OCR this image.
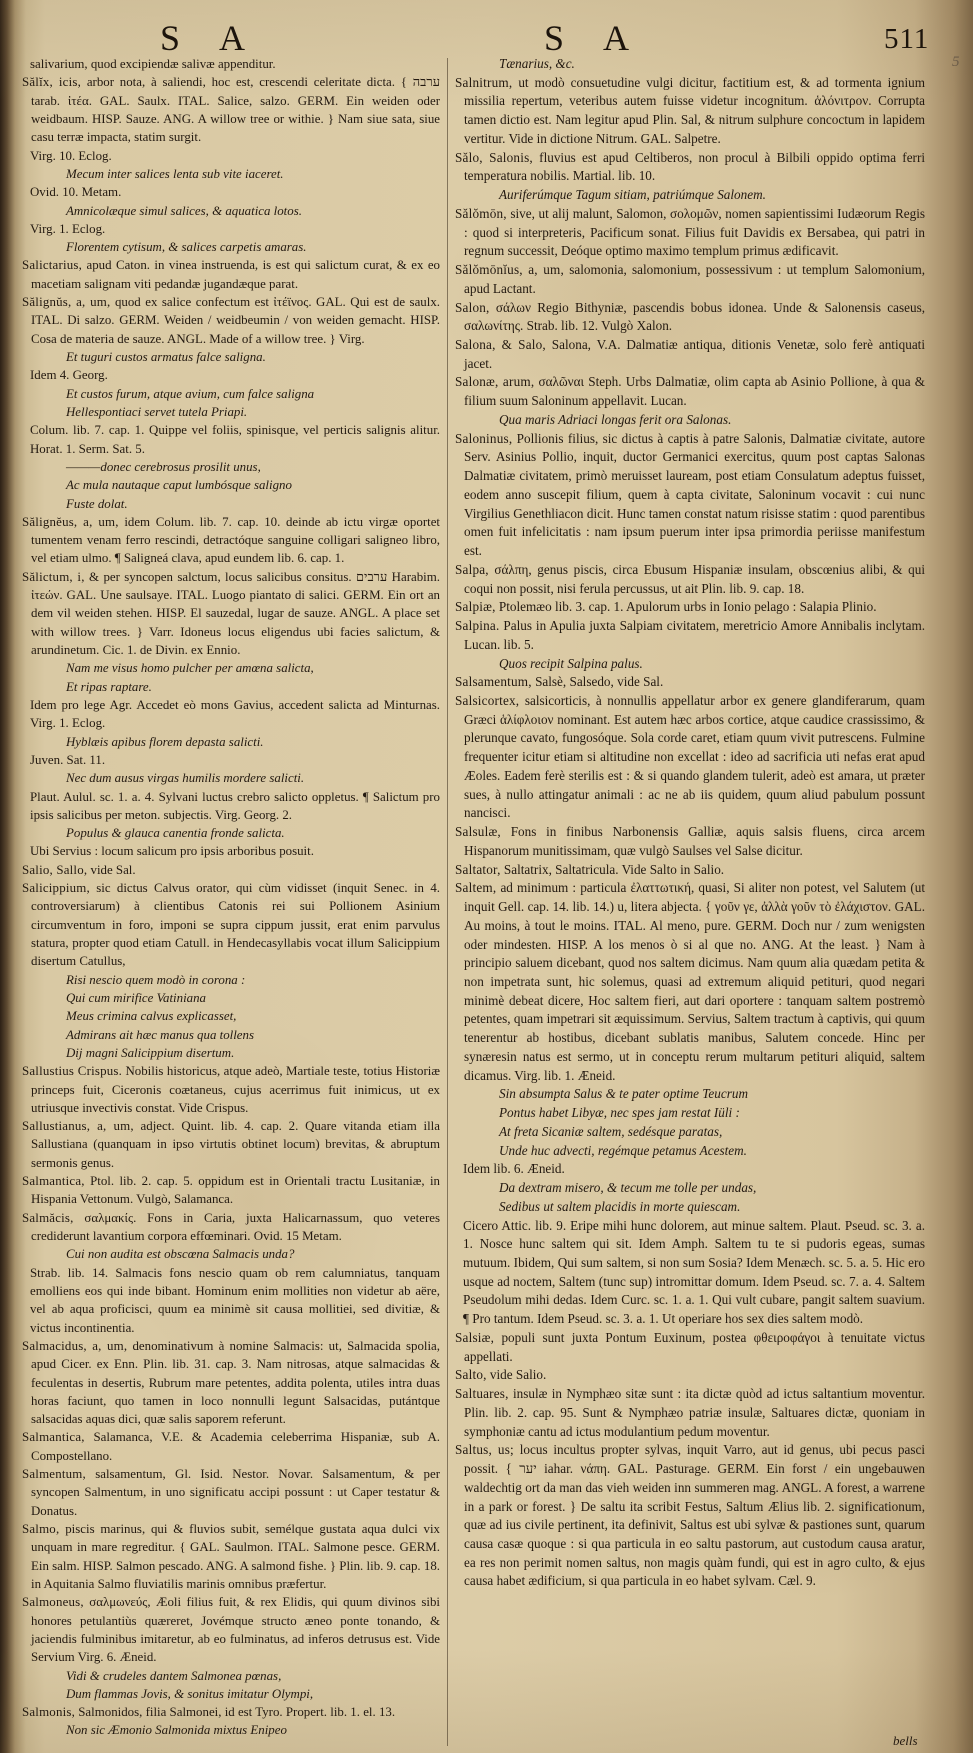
S A	S A	511
5
salivarium, quod excipiendæ salivæ appenditur.
Sălĭx, icis, arbor nota, à saliendi, hoc est, crescendi celeritate dicta. { ערבה tarab. ἰτέα. GAL. Saulx. ITAL. Salice, salzo. GERM. Ein weiden oder weidbaum. HISP. Sauze. ANG. A willow tree or withie. } Nam siue sata, siue casu terræ impacta, statim surgit.
Virg. 10. Eclog.
Mecum inter salices lenta sub vite iaceret.
Ovid. 10. Metam.
Amnicolæque simul salices, & aquatica lotos.
Virg. 1. Eclog.
Florentem cytisum, & salices carpetis amaras.
Salictarius, apud Caton. in vinea instruenda, is est qui salictum curat, & ex eo macetiam salignam viti pedandæ jugandæque parat.
Sălignŭs, a, um, quod ex salice confectum est ἰτέϊνος. GAL. Qui est de saulx. ITAL. Di salzo. GERM. Weiden / weidbeumin / von weiden gemacht. HISP. Cosa de materia de sauze. ANGL. Made of a willow tree. } Virg.
Et tuguri custos armatus falce saligna.
Idem 4. Georg.
Et custos furum, atque avium, cum falce saligna
Hellespontiaci servet tutela Priapi.
Colum. lib. 7. cap. 1. Quippe vel foliis, spinisque, vel perticis salignis alitur. Horat. 1. Serm. Sat. 5.
———donec cerebrosus prosilit unus,
Ac mula nautaque caput lumbósque saligno
Fuste dolat.
Sălignĕus, a, um, idem Colum. lib. 7. cap. 10. deinde ab ictu virgæ oportet tumentem venam ferro rescindi, detractóque sanguine colligari saligneo libro, vel etiam ulmo. ¶ Saligneá clava, apud eundem lib. 6. cap. 1.
Sălictum, i, & per syncopen salctum, locus salicibus consitus. ערבים Harabim. ἰτεών. GAL. Une saulsaye. ITAL. Luogo piantato di salici. GERM. Ein ort an dem vil weiden stehen. HISP. El sauzedal, lugar de sauze. ANGL. A place set with willow trees. } Varr. Idoneus locus eligendus ubi facies salictum, & arundinetum. Cic. 1. de Divin. ex Ennio.
Nam me visus homo pulcher per amœna salicta,
Et ripas raptare.
Idem pro lege Agr. Accedet eò mons Gavius, accedent salicta ad Minturnas. Virg. 1. Eclog.
Hyblæis apibus florem depasta salicti.
Juven. Sat. 11.
Nec dum ausus virgas humilis mordere salicti.
Plaut. Aulul. sc. 1. a. 4. Sylvani luctus crebro salicto oppletus. ¶ Salictum pro ipsis salicibus per meton. subjectis. Virg. Georg. 2.
Populus & glauca canentia fronde salicta.
Ubi Servius : locum salicum pro ipsis arboribus posuit.
Salio, Sallo, vide Sal.
Salicippium, sic dictus Calvus orator, qui cùm vidisset (inquit Senec. in 4. controversiarum) à clientibus Catonis rei sui Pollionem Asinium circumventum in foro, imponi se supra cippum jussit, erat enim parvulus statura, propter quod etiam Catull. in Hendecasyllabis vocat illum Salicippium disertum Catullus,
Risi nescio quem modò in corona :
Qui cum mirifice Vatiniana
Meus crimina calvus explicasset,
Admirans ait hæc manus qua tollens
Dij magni Salicippium disertum.
Sallustius Crispus. Nobilis historicus, atque adeò, Martiale teste, totius Historiæ princeps fuit, Ciceronis coætaneus, cujus acerrimus fuit inimicus, ut ex utriusque invectivis constat. Vide Crispus.
Sallustianus, a, um, adject. Quint. lib. 4. cap. 2. Quare vitanda etiam illa Sallustiana (quanquam in ipso virtutis obtinet locum) brevitas, & abruptum sermonis genus.
Salmantica, Ptol. lib. 2. cap. 5. oppidum est in Orientali tractu Lusitaniæ, in Hispania Vettonum. Vulgò, Salamanca.
Salmăcis, σαλμακίς. Fons in Caria, juxta Halicarnassum, quo veteres crediderunt lavantium corpora effœminari. Ovid. 15 Metam.
Cui non audita est obscœna Salmacis unda?
Strab. lib. 14. Salmacis fons nescio quam ob rem calumniatus, tanquam emolliens eos qui inde bibant. Hominum enim mollities non videtur ab aëre, vel ab aqua proficisci, quum ea minimè sit causa mollitiei, sed divitiæ, & victus incontinentia.
Salmacidus, a, um, denominativum à nomine Salmacis: ut, Salmacida spolia, apud Cicer. ex Enn. Plin. lib. 31. cap. 3. Nam nitrosas, atque salmacidas & feculentas in desertis, Rubrum mare petentes, addita polenta, utiles intra duas horas faciunt, quo tamen in loco nonnulli legunt Salsacidas, putántque salsacidas aquas dici, quæ salis saporem referunt.
Salmantica, Salamanca, V.E. & Academia celeberrima Hispaniæ, sub A. Compostellano.
Salmentum, salsamentum, Gl. Isid. Nestor. Novar. Salsamentum, & per syncopen Salmentum, in uno significatu accipi possunt : ut Caper testatur & Donatus.
Salmo, piscis marinus, qui & fluvios subit, semélque gustata aqua dulci vix unquam in mare regreditur. { GAL. Saulmon. ITAL. Salmone pesce. GERM. Ein salm. HISP. Salmon pescado. ANG. A salmond fishe. } Plin. lib. 9. cap. 18. in Aquitania Salmo fluviatilis marinis omnibus præfertur.
Salmoneus, σαλμωνεύς, Æoli filius fuit, & rex Elidis, qui quum divinos sibi honores petulantiùs quæreret, Jovémque structo æneo ponte tonando, & jaciendis fulminibus imitaretur, ab eo fulminatus, ad inferos detrusus est. Vide Servium Virg. 6. Æneid.
Vidi & crudeles dantem Salmonea pœnas,
Dum flammas Jovis, & sonitus imitatur Olympi,
Salmonis, Salmonidos, filia Salmonei, id est Tyro. Propert. lib. 1. el. 13.
Non sic Æmonio Salmonida mixtus Enipeo
Tænarius, &c.
Salnitrum, ut modò consuetudine vulgi dicitur, factitium est, & ad tormenta ignium missilia repertum, veteribus autem fuisse videtur incognitum. ἁλόνιτρον. Corrupta tamen dictio est. Nam legitur apud Plin. Sal, & nitrum sulphure concoctum in lapidem vertitur. Vide in dictione Nitrum. GAL. Salpetre.
Sălo, Salonis, fluvius est apud Celtiberos, non procul à Bilbili oppido optima ferri temperatura nobilis. Martial. lib. 10.
Auriferúmque Tagum sitiam, patriúmque Salonem.
Sălŏmōn, sive, ut alij malunt, Salomon, σολομῶν, nomen sapientissimi Iudæorum Regis : quod si interpreteris, Pacificum sonat. Filius fuit Davidis ex Bersabea, qui patri in regnum successit, Deóque optimo maximo templum primus ædificavit.
Sălŏmōnĭus, a, um, salomonia, salomonium, possessivum : ut templum Salomonium, apud Lactant.
Salon, σάλων Regio Bithyniæ, pascendis bobus idonea. Unde & Salonensis caseus, σαλωνίτης. Strab. lib. 12. Vulgò Xalon.
Salona, & Salo, Salona, V.A. Dalmatiæ antiqua, ditionis Venetæ, solo ferè antiquati jacet.
Salonæ, arum, σαλῶναι Steph. Urbs Dalmatiæ, olim capta ab Asinio Pollione, à qua & filium suum Saloninum appellavit. Lucan.
Qua maris Adriaci longas ferit ora Salonas.
Saloninus, Pollionis filius, sic dictus à captis à patre Salonis, Dalmatiæ civitate, autore Serv. Asinius Pollio, inquit, ductor Germanici exercitus, quum post captas Salonas Dalmatiæ civitatem, primò meruisset lauream, post etiam Consulatum adeptus fuisset, eodem anno suscepit filium, quem à capta civitate, Saloninum vocavit : cui nunc Virgilius Genethliacon dicit. Hunc tamen constat natum risisse statim : quod parentibus omen fuit infelicitatis : nam ipsum puerum inter ipsa primordia periisse manifestum est.
Salpa, σάλπη, genus piscis, circa Ebusum Hispaniæ insulam, obscœnius alibi, & qui coqui non possit, nisi ferula percussus, ut ait Plin. lib. 9. cap. 18.
Salpiæ, Ptolemæo lib. 3. cap. 1. Apulorum urbs in Ionio pelago : Salapia Plinio.
Salpina. Palus in Apulia juxta Salpiam civitatem, meretricio Amore Annibalis inclytam. Lucan. lib. 5.
Quos recipit Salpina palus.
Salsamentum, Salsè, Salsedo, vide Sal.
Salsicortex, salsicorticis, à nonnullis appellatur arbor ex genere glandiferarum, quam Græci ἁλίφλοιον nominant. Est autem hæc arbos cortice, atque caudice crassissimo, & plerunque cavato, fungosóque. Sola corde caret, etiam quum vivit putrescens. Fulmine frequenter icitur etiam si altitudine non excellat : ideo ad sacrificia uti nefas erat apud Æoles. Eadem ferè sterilis est : & si quando glandem tulerit, adeò est amara, ut præter sues, à nullo attingatur animali : ac ne ab iis quidem, quum aliud pabulum possunt nancisci.
Salsulæ, Fons in finibus Narbonensis Galliæ, aquis salsis fluens, circa arcem Hispanorum munitissimam, quæ vulgò Saulses vel Salse dicitur.
Saltator, Saltatrix, Saltatricula. Vide Salto in Salio.
Saltem, ad minimum : particula ἐλαττωτική, quasi, Si aliter non potest, vel Salutem (ut inquit Gell. cap. 14. lib. 14.) u, litera abjecta. { γοῦν γε, ἀλλὰ γοῦν τὸ ἐλάχιστον. GAL. Au moins, à tout le moins. ITAL. Al meno, pure. GERM. Doch nur / zum wenigsten oder mindesten. HISP. A los menos ò si al que no. ANG. At the least. } Nam à principio saluem dicebant, quod nos saltem dicimus. Nam quum alia quædam petita & non impetrata sunt, hic solemus, quasi ad extremum aliquid petituri, quod negari minimè debeat dicere, Hoc saltem fieri, aut dari oportere : tanquam saltem postremò petentes, quam impetrari sit æquissimum. Servius, Saltem tractum à captivis, qui quum tenerentur ab hostibus, dicebant sublatis manibus, Salutem concede. Hinc per synæresin natus est sermo, ut in conceptu rerum multarum petituri aliquid, saltem dicamus. Virg. lib. 1. Æneid.
Sin absumpta Salus & te pater optime Teucrum
Pontus habet Libyæ, nec spes jam restat Iüli :
At freta Sicaniæ saltem, sedésque paratas,
Unde huc advecti, regémque petamus Acestem.
Idem lib. 6. Æneid.
Da dextram misero, & tecum me tolle per undas,
Sedibus ut saltem placidis in morte quiescam.
Cicero Attic. lib. 9. Eripe mihi hunc dolorem, aut minue saltem. Plaut. Pseud. sc. 3. a. 1. Nosce hunc saltem qui sit. Idem Amph. Saltem tu te si pudoris egeas, sumas mutuum. Ibidem, Qui sum saltem, si non sum Sosia? Idem Menæch. sc. 5. a. 5. Hic ero usque ad noctem, Saltem (tunc sup) intromittar domum. Idem Pseud. sc. 7. a. 4. Saltem Pseudolum mihi dedas. Idem Curc. sc. 1. a. 1. Qui vult cubare, pangit saltem suavium. ¶ Pro tantum. Idem Pseud. sc. 3. a. 1. Ut operiare hos sex dies saltem modò.
Salsiæ, populi sunt juxta Pontum Euxinum, postea φθειροφάγοι à tenuitate victus appellati.
Salto, vide Salio.
Saltuares, insulæ in Nymphæo sitæ sunt : ita dictæ quòd ad ictus saltantium moventur. Plin. lib. 2. cap. 95. Sunt & Nymphæo patriæ insulæ, Saltuares dictæ, quoniam in symphoniæ cantu ad ictus modulantium pedum moventur.
Saltus, us; locus incultus propter sylvas, inquit Varro, aut id genus, ubi pecus pasci possit. { יער iahar. νάπη. GAL. Pasturage. GERM. Ein forst / ein ungebauwen waldechtig ort da man das vieh weiden inn summeren mag. ANGL. A forest, a warrene in a park or forest. } De saltu ita scribit Festus, Saltum Ælius lib. 2. significationum, quæ ad ius civile pertinent, ita definivit, Saltus est ubi sylvæ & pastiones sunt, quarum causa casæ quoque : si qua particula in eo saltu pastorum, aut custodum causa aratur, ea res non perimit nomen saltus, non magis quàm fundi, qui est in agro culto, & ejus causa habet ædificium, si qua particula in eo habet sylvam. Cæl. 9.
bells
